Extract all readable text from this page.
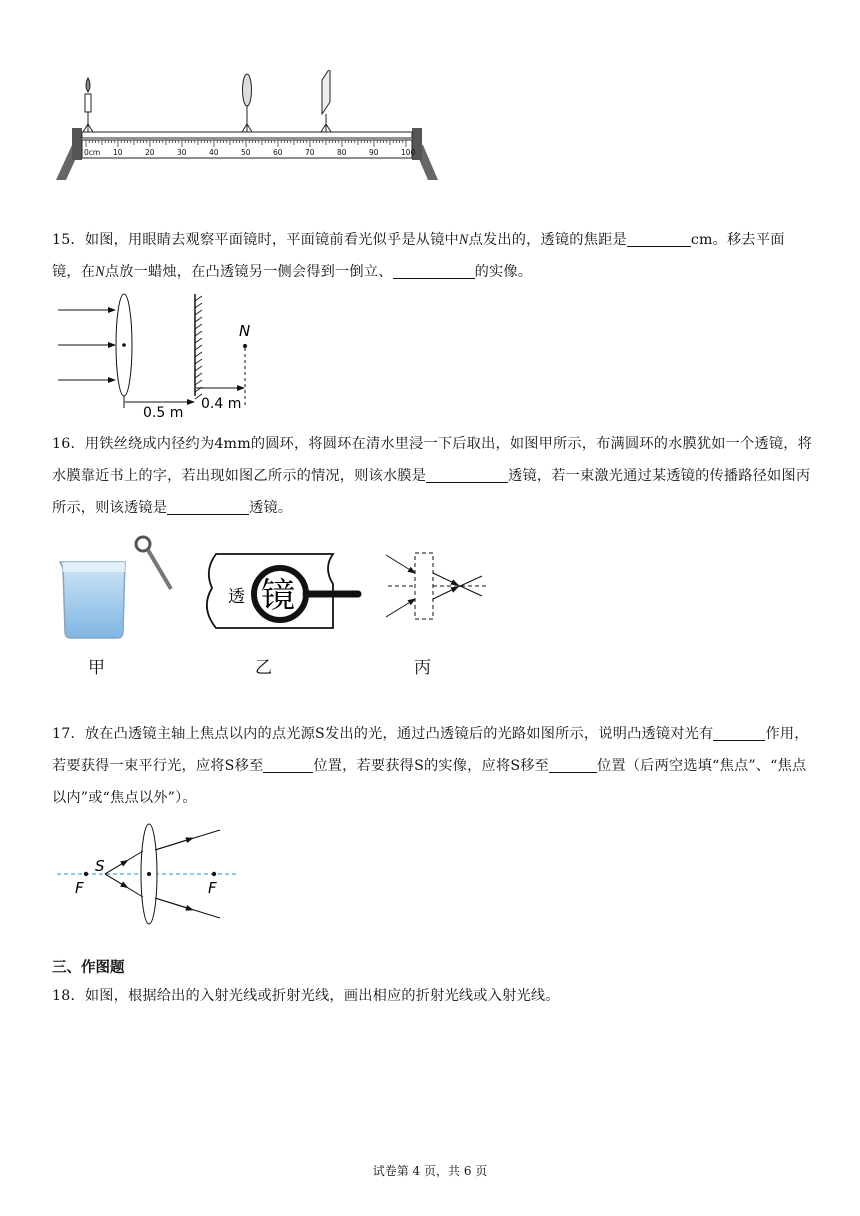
0cm 10	20	30	40	50	60	70	80	90	100

15．如图，用眼睛去观察平面镜时，平面镜前看光似乎是从镜中N点发出的，透镜的焦距是	cm。移去平面镜，在N点放一蜡烛，在凸透镜另一侧会得到一倒立、	的实像。

N
0.5 m
0.4 m

16．用铁丝绕成内径约为4mm的圆环，将圆环在清水里浸一下后取出，如图甲所示，布满圆环的水膜犹如一个透镜，将水膜靠近书上的字，若出现如图乙所示的情况，则该水膜是	透镜，若一束激光通过某透镜的传播路径如图丙所示，则该透镜是	透镜。

甲
透 镜
乙	丙

17．放在凸透镜主轴上焦点以内的点光源S发出的光，通过凸透镜后的光路如图所示，说明凸透镜对光有	作用，若要获得一束平行光，应将S移至	位置，若要获得S的实像，应将S移至	位置（后两空选填“焦点”、“焦点以内”或“焦点以外”）。

S
F	F
三、作图题

18．如图，根据给出的入射光线或折射光线，画出相应的折射光线或入射光线。

试卷第 4 页，共 6 页
